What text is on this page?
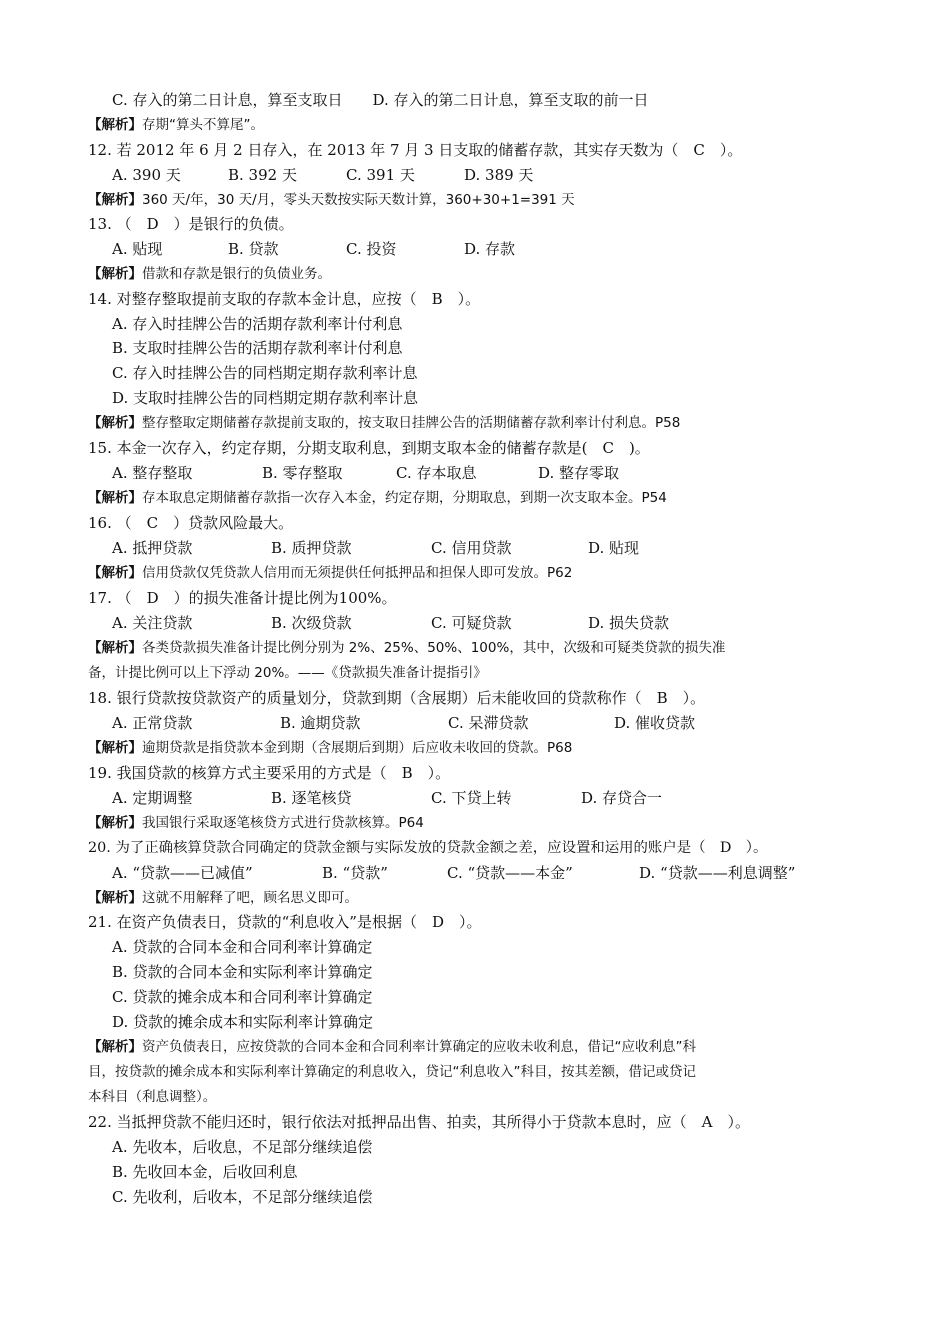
C. 存入的第二日计息，算至支取日　　D. 存入的第二日计息，算至支取的前一日
【解析】存期“算头不算尾”。
12. 若 2012 年 6 月 2 日存入，在 2013 年 7 月 3 日支取的储蓄存款，其实存天数为（　C　）。
A. 390 天	B. 392 天	C. 391 天	D. 389 天
【解析】360 天/年，30 天/月，零头天数按实际天数计算，360+30+1=391 天
13. （　D　）是银行的负债。
A. 贴现	B. 贷款	C. 投资	D. 存款
【解析】借款和存款是银行的负债业务。
14. 对整存整取提前支取的存款本金计息，应按（　B　）。
A. 存入时挂牌公告的活期存款利率计付利息
B. 支取时挂牌公告的活期存款利率计付利息
C. 存入时挂牌公告的同档期定期存款利率计息
D. 支取时挂牌公告的同档期定期存款利率计息
【解析】整存整取定期储蓄存款提前支取的，按支取日挂牌公告的活期储蓄存款利率计付利息。P58
15. 本金一次存入，约定存期，分期支取利息，到期支取本金的储蓄存款是(　C　)。
A. 整存整取	B. 零存整取	C. 存本取息	D. 整存零取
【解析】存本取息定期储蓄存款指一次存入本金，约定存期，分期取息，到期一次支取本金。P54
16. （　C　）贷款风险最大。
A. 抵押贷款	B. 质押贷款	C. 信用贷款	D. 贴现
【解析】信用贷款仅凭贷款人信用而无须提供任何抵押品和担保人即可发放。P62
17. （　D　）的损失准备计提比例为100%。
A. 关注贷款	B. 次级贷款	C. 可疑贷款	D. 损失贷款
【解析】各类贷款损失准备计提比例分别为 2%、25%、50%、100%，其中，次级和可疑类贷款的损失准
备，计提比例可以上下浮动 20%。——《贷款损失准备计提指引》
18. 银行贷款按贷款资产的质量划分，贷款到期（含展期）后未能收回的贷款称作（　B　）。
A. 正常贷款	B. 逾期贷款	C. 呆滞贷款	D. 催收贷款
【解析】逾期贷款是指贷款本金到期（含展期后到期）后应收未收回的贷款。P68
19. 我国贷款的核算方式主要采用的方式是（　B　）。
A. 定期调整	B. 逐笔核贷	C. 下贷上转	D. 存贷合一
【解析】我国银行采取逐笔核贷方式进行贷款核算。P64
20. 为了正确核算贷款合同确定的贷款金额与实际发放的贷款金额之差，应设置和运用的账户是（　D　）。
A. “贷款——已减值”	B. “贷款”	C. “贷款——本金”	D. “贷款——利息调整”
【解析】这就不用解释了吧，顾名思义即可。
21. 在资产负债表日，贷款的“利息收入”是根据（　D　）。
A. 贷款的合同本金和合同利率计算确定
B. 贷款的合同本金和实际利率计算确定
C. 贷款的摊余成本和合同利率计算确定
D. 贷款的摊余成本和实际利率计算确定
【解析】资产负债表日，应按贷款的合同本金和合同利率计算确定的应收未收利息，借记“应收利息”科
目，按贷款的摊余成本和实际利率计算确定的利息收入，贷记“利息收入”科目，按其差额，借记或贷记
本科目（利息调整）。
22. 当抵押贷款不能归还时，银行依法对抵押品出售、拍卖，其所得小于贷款本息时，应（　A　）。
A. 先收本，后收息，不足部分继续追偿
B. 先收回本金，后收回利息
C. 先收利，后收本，不足部分继续追偿
